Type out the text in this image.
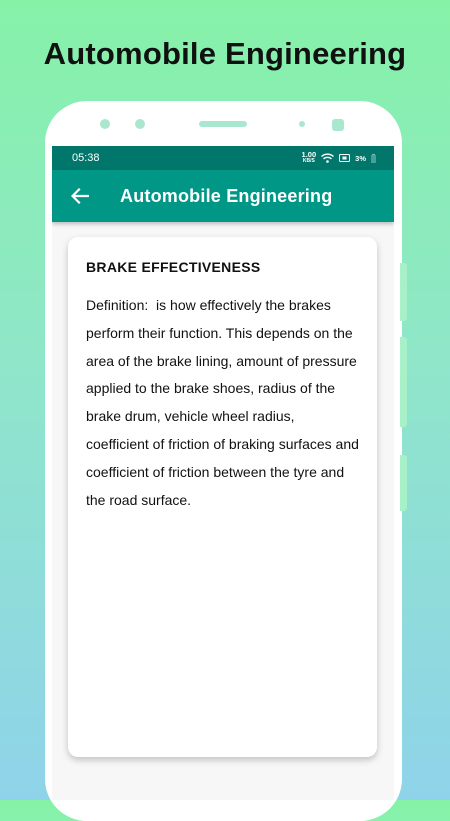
Automobile Engineering
05:38	1.00
KB/S	3%
Automobile Engineering
BRAKE EFFECTIVENESS

Definition:  is how effectively the brakes perform their function. This depends on the area of the brake lining, amount of pressure applied to the brake shoes, radius of the brake drum, vehicle wheel radius, coefficient of friction of braking surfaces and coefficient of friction between the tyre and the road surface.
